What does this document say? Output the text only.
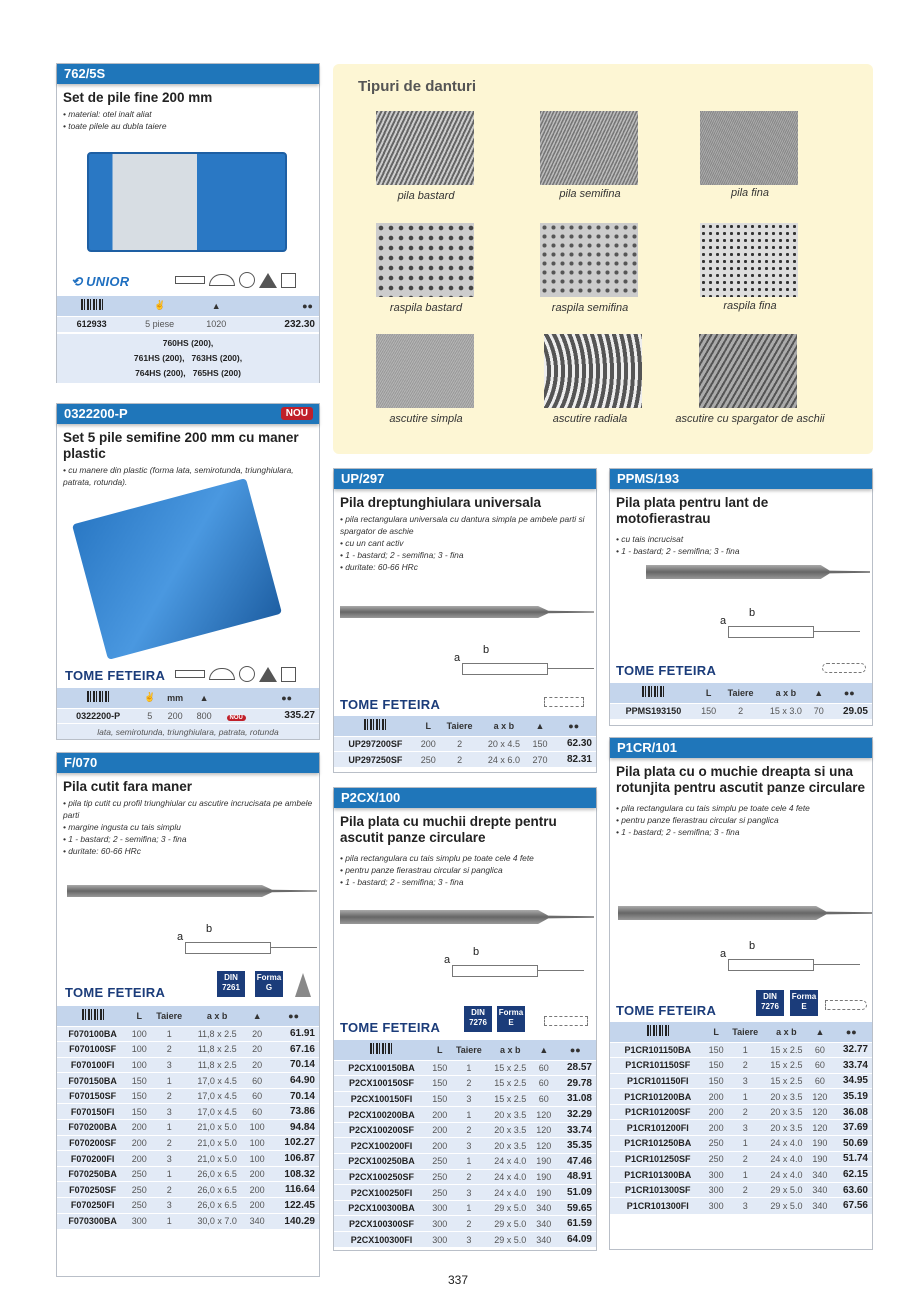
762/5S
Set de pile fine 200 mm
• material: otel inalt aliat
• toate pilele au dubla taiere
⟲ UNIOR
	✌	▲	●●
612933	5 piese	1020	232.30
760HS (200),
761HS (200), 763HS (200),
764HS (200), 765HS (200)
0322200-P	NOU
Set 5 pile semifine 200 mm cu maner plastic
• cu manere din plastic (forma lata, semirotunda, triunghiulara, patrata, rotunda).
TOME FETEIRA
	✌	mm	▲		●●
0322200-P	5	200	800	NOU	335.27
lata, semirotunda, triunghiulara, patrata, rotunda					
F/070
Pila cutit fara maner
• pila tip cutit cu profil triunghiular cu ascutire incrucisata pe ambele parti
• margine ingusta cu tais simplu
• 1 - bastard; 2 - semifina; 3 - fina
• duritate: 60-66 HRc
a
b
TOME FETEIRA
DIN 7261
Forma G
	L	Taiere	a x b	▲	●●
F070100BA	100	1	11,8 x 2.5	20	61.91
F070100SF	100	2	11,8 x 2.5	20	67.16
F070100FI	100	3	11,8 x 2.5	20	70.14
F070150BA	150	1	17,0 x 4.5	60	64.90
F070150SF	150	2	17,0 x 4.5	60	70.14
F070150FI	150	3	17,0 x 4.5	60	73.86
F070200BA	200	1	21,0 x 5.0	100	94.84
F070200SF	200	2	21,0 x 5.0	100	102.27
F070200FI	200	3	21,0 x 5.0	100	106.87
F070250BA	250	1	26,0 x 6.5	200	108.32
F070250SF	250	2	26,0 x 6.5	200	116.64
F070250FI	250	3	26,0 x 6.5	200	122.45
F070300BA	300	1	30,0 x 7.0	340	140.29
Tipuri de danturi
pila bastard	pila semifina	pila fina
raspila bastard	raspila semifina	raspila fina
ascutire simpla	ascutire radiala	ascutire cu spargator de aschii
UP/297
Pila dreptunghiulara universala
• pila rectangulara universala cu dantura simpla pe ambele parti si spargator de aschie
• cu un cant activ
• 1 - bastard; 2 - semifina; 3 - fina
• duritate: 60-66 HRc
a
b
TOME FETEIRA
	L	Taiere	a x b	▲	●●
UP297200SF	200	2	20 x 4.5	150	62.30
UP297250SF	250	2	24 x 6.0	270	82.31
P2CX/100
Pila plata cu muchii drepte pentru ascutit panze circulare
• pila rectangulara cu tais simplu pe toate cele 4 fete
• pentru panze fierastrau circular si panglica
• 1 - bastard; 2 - semifina; 3 - fina
a
b
TOME FETEIRA
DIN 7276
Forma E
	L	Taiere	a x b	▲	●●
P2CX100150BA	150	1	15 x 2.5	60	28.57
P2CX100150SF	150	2	15 x 2.5	60	29.78
P2CX100150FI	150	3	15 x 2.5	60	31.08
P2CX100200BA	200	1	20 x 3.5	120	32.29
P2CX100200SF	200	2	20 x 3.5	120	33.74
P2CX100200FI	200	3	20 x 3.5	120	35.35
P2CX100250BA	250	1	24 x 4.0	190	47.46
P2CX100250SF	250	2	24 x 4.0	190	48.91
P2CX100250FI	250	3	24 x 4.0	190	51.09
P2CX100300BA	300	1	29 x 5.0	340	59.65
P2CX100300SF	300	2	29 x 5.0	340	61.59
P2CX100300FI	300	3	29 x 5.0	340	64.09
PPMS/193
Pila plata pentru lant de motofierastrau
• cu tais incrucisat
• 1 - bastard; 2 - semifina; 3 - fina
a
b
TOME FETEIRA
	L	Taiere	a x b	▲	●●
PPMS193150	150	2	15 x 3.0	70	29.05
P1CR/101
Pila plata cu o muchie dreapta si una rotunjita pentru ascutit panze circulare
• pila rectangulara cu tais simplu pe toate cele 4 fete
• pentru panze fierastrau circular si panglica
• 1 - bastard; 2 - semifina; 3 - fina
a
b
TOME FETEIRA
DIN 7276
Forma E
	L	Taiere	a x b	▲	●●
P1CR101150BA	150	1	15 x 2.5	60	32.77
P1CR101150SF	150	2	15 x 2.5	60	33.74
P1CR101150FI	150	3	15 x 2.5	60	34.95
P1CR101200BA	200	1	20 x 3.5	120	35.19
P1CR101200SF	200	2	20 x 3.5	120	36.08
P1CR101200FI	200	3	20 x 3.5	120	37.69
P1CR101250BA	250	1	24 x 4.0	190	50.69
P1CR101250SF	250	2	24 x 4.0	190	51.74
P1CR101300BA	300	1	24 x 4.0	340	62.15
P1CR101300SF	300	2	29 x 5.0	340	63.60
P1CR101300FI	300	3	29 x 5.0	340	67.56
337
